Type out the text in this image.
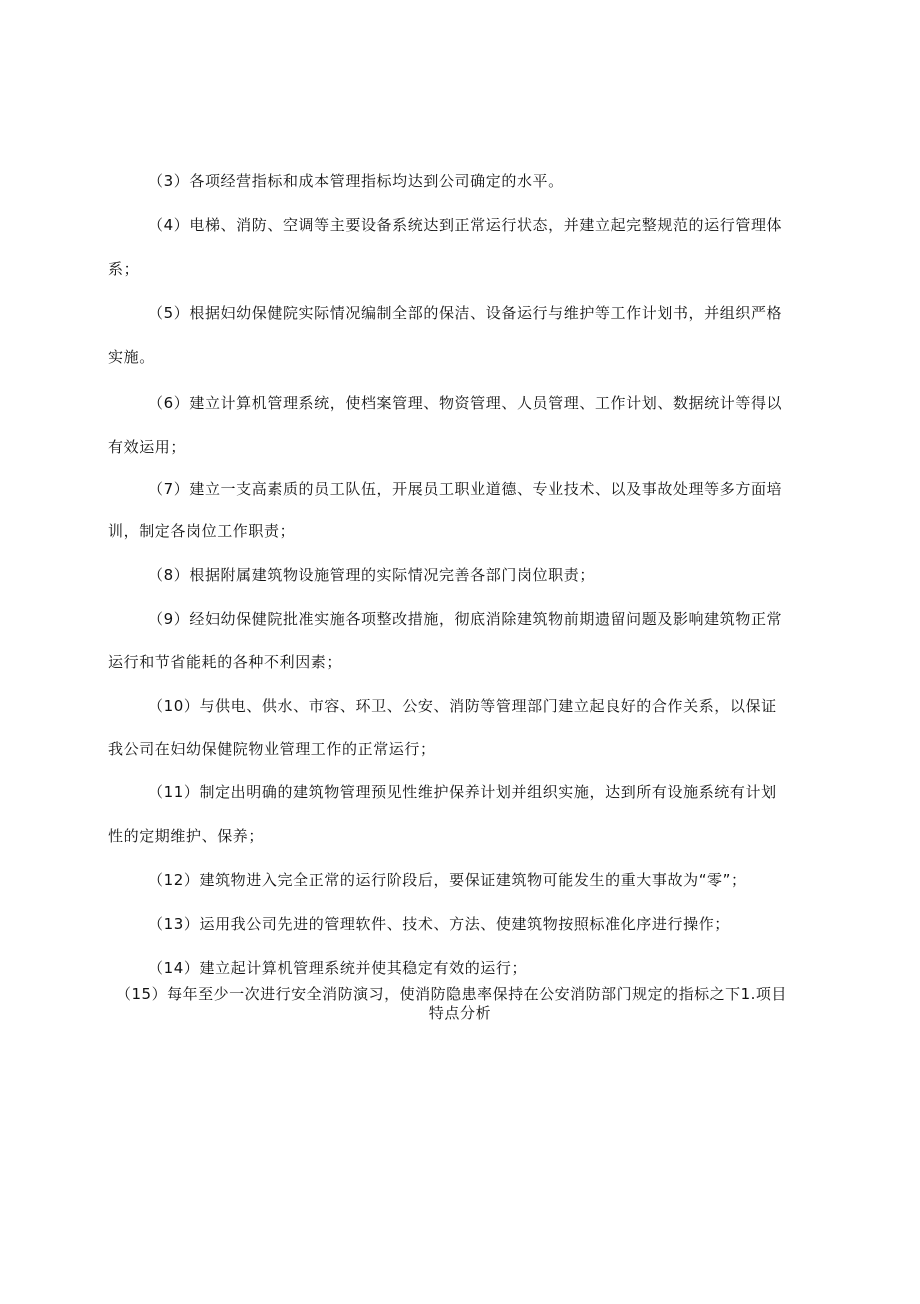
（3）各项经营指标和成本管理指标均达到公司确定的水平。
（4）电梯、消防、空调等主要设备系统达到正常运行状态，并建立起完整规范的运行管理体
系；
（5）根据妇幼保健院实际情况编制全部的保洁、设备运行与维护等工作计划书，并组织严格
实施。
（6）建立计算机管理系统，使档案管理、物资管理、人员管理、工作计划、数据统计等得以
有效运用；
（7）建立一支高素质的员工队伍，开展员工职业道德、专业技术、以及事故处理等多方面培
训，制定各岗位工作职责；
（8）根据附属建筑物设施管理的实际情况完善各部门岗位职责；
（9）经妇幼保健院批准实施各项整改措施，彻底消除建筑物前期遗留问题及影响建筑物正常
运行和节省能耗的各种不利因素；
（10）与供电、供水、市容、环卫、公安、消防等管理部门建立起良好的合作关系，以保证
我公司在妇幼保健院物业管理工作的正常运行；
（11）制定出明确的建筑物管理预见性维护保养计划并组织实施，达到所有设施系统有计划
性的定期维护、保养；
（12）建筑物进入完全正常的运行阶段后，要保证建筑物可能发生的重大事故为“零”；
（13）运用我公司先进的管理软件、技术、方法、使建筑物按照标准化序进行操作；
（14）建立起计算机管理系统并使其稳定有效的运行；
（15）每年至少一次进行安全消防演习，使消防隐患率保持在公安消防部门规定的指标之下1.项目
特点分析
